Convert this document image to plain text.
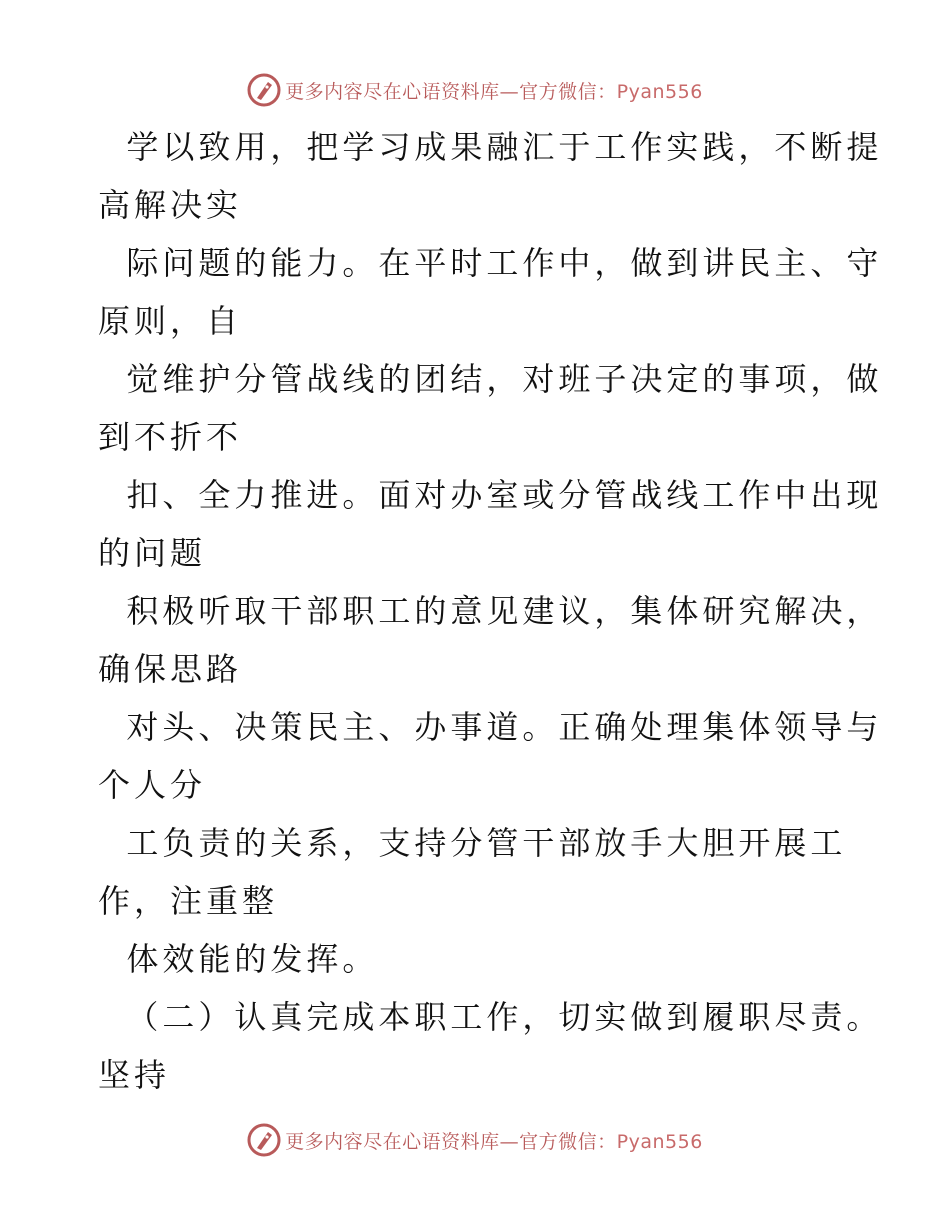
更多内容尽在心语资料库—官方微信：Pyan556

学以致用，把学习成果融汇于工作实践，不断提
高解决实

际问题的能力。在平时工作中，做到讲民主、守
原则，自

觉维护分管战线的团结，对班子决定的事项，做
到不折不

扣、全力推进。面对办室或分管战线工作中出现
的问题

积极听取干部职工的意见建议，集体研究解决，
确保思路

对头、决策民主、办事道。正确处理集体领导与
个人分

工负责的关系，支持分管干部放手大胆开展工
作，注重整

体效能的发挥。

（二）认真完成本职工作，切实做到履职尽责。
坚持

更多内容尽在心语资料库—官方微信：Pyan556
